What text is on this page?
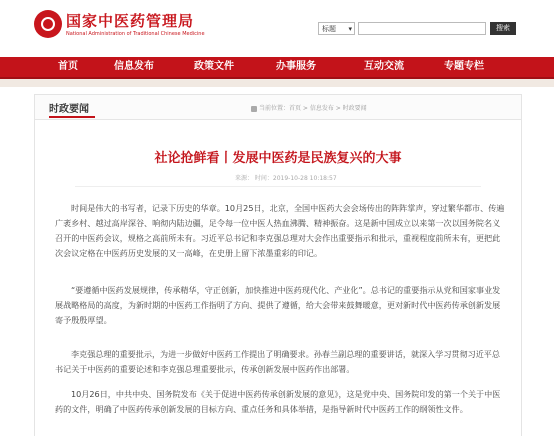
国家中医药管理局
National Administration of Traditional Chinese Medicine
标题 ▾	搜索
首页	信息发布	政策文件	办事服务	互动交流	专题专栏
时政要闻	当前位置：首页 > 信息发布 > 时政要闻
社论抢鲜看丨发展中医药是民族复兴的大事
来源： 时间：2019-10-28 10:18:57

时间是伟大的书写者，记录下历史的华章。10月25日，北京，全国中医药大会会场传出的阵阵掌声，穿过繁华都市、传遍广袤乡村、越过高岸深谷、响彻内陆边疆，足令每一位中医人热血沸腾、精神振奋。这是新中国成立以来第一次以国务院名义召开的中医药会议，规格之高前所未有。习近平总书记和李克强总理对大会作出重要指示和批示，重视程度前所未有，更把此次会议定格在中医药历史发展的又一高峰，在史册上留下浓墨重彩的印记。

“要遵循中医药发展规律，传承精华，守正创新，加快推进中医药现代化、产业化”。总书记的重要指示从党和国家事业发展战略格局的高度，为新时期的中医药工作指明了方向、提供了遵循，给大会带来鼓舞暖意，更对新时代中医药传承创新发展寄予殷殷厚望。

李克强总理的重要批示，为进一步做好中医药工作提出了明确要求。孙春兰副总理的重要讲话，就深入学习贯彻习近平总书记关于中医药的重要论述和李克强总理重要批示，传承创新发展中医药作出部署。

10月26日，中共中央、国务院发布《关于促进中医药传承创新发展的意见》，这是党中央、国务院印发的第一个关于中医药的文件，明确了中医药传承创新发展的目标方向、重点任务和具体举措，是指导新时代中医药工作的纲领性文件。
